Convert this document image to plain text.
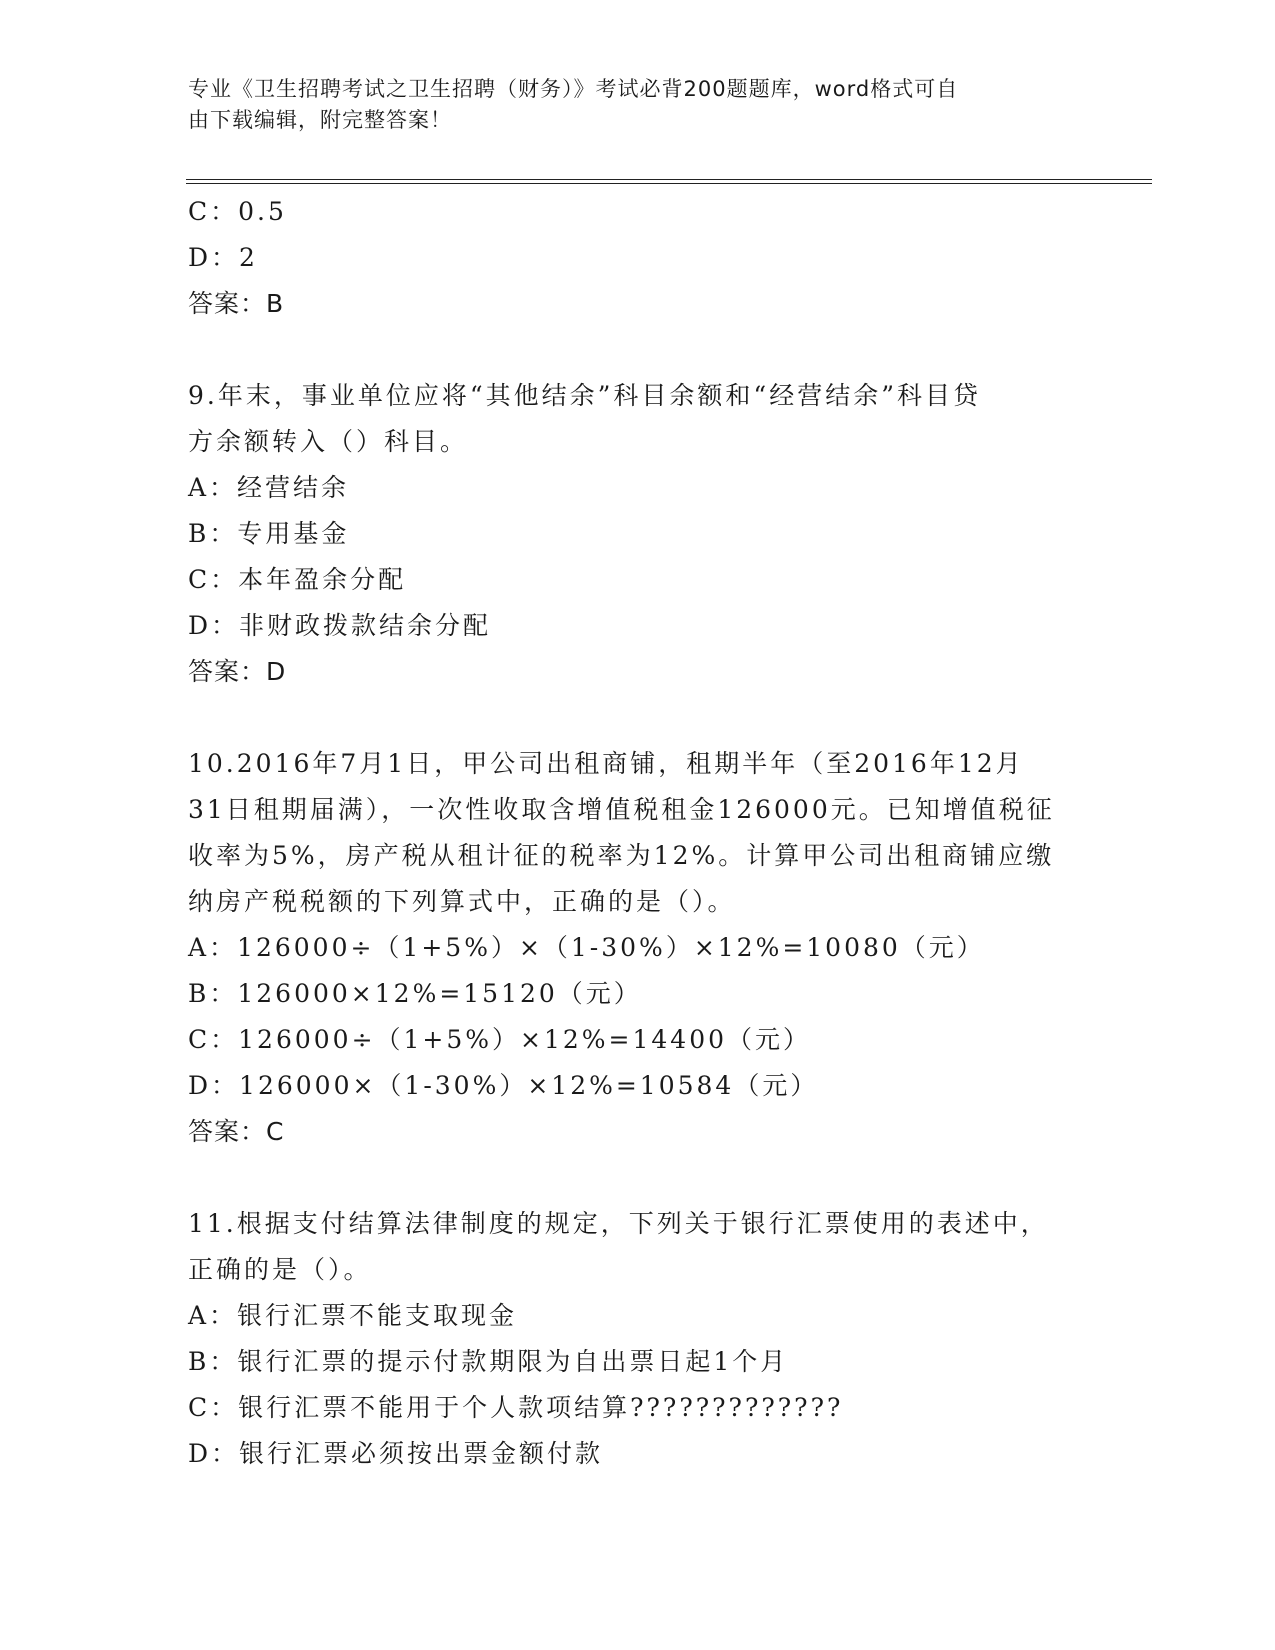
专业《卫生招聘考试之卫生招聘（财务）》考试必背200题题库，word格式可自
由下载编辑，附完整答案！
C：0.5
D：2
答案：B
9.年末，事业单位应将“其他结余”科目余额和“经营结余”科目贷
方余额转入（）科目。
A：经营结余
B：专用基金
C：本年盈余分配
D：非财政拨款结余分配
答案：D
10.2016年7月1日，甲公司出租商铺，租期半年（至2016年12月
31日租期届满），一次性收取含增值税租金126000元。已知增值税征
收率为5%，房产税从租计征的税率为12%。计算甲公司出租商铺应缴
纳房产税税额的下列算式中，正确的是（）。
A：126000÷（1+5%）×（1-30%）×12%=10080（元）
B：126000×12%=15120（元）
C：126000÷（1+5%）×12%=14400（元）
D：126000×（1-30%）×12%=10584（元）
答案：C
11.根据支付结算法律制度的规定，下列关于银行汇票使用的表述中，
正确的是（）。
A：银行汇票不能支取现金
B：银行汇票的提示付款期限为自出票日起1个月
C：银行汇票不能用于个人款项结算?????????????
D：银行汇票必须按出票金额付款
